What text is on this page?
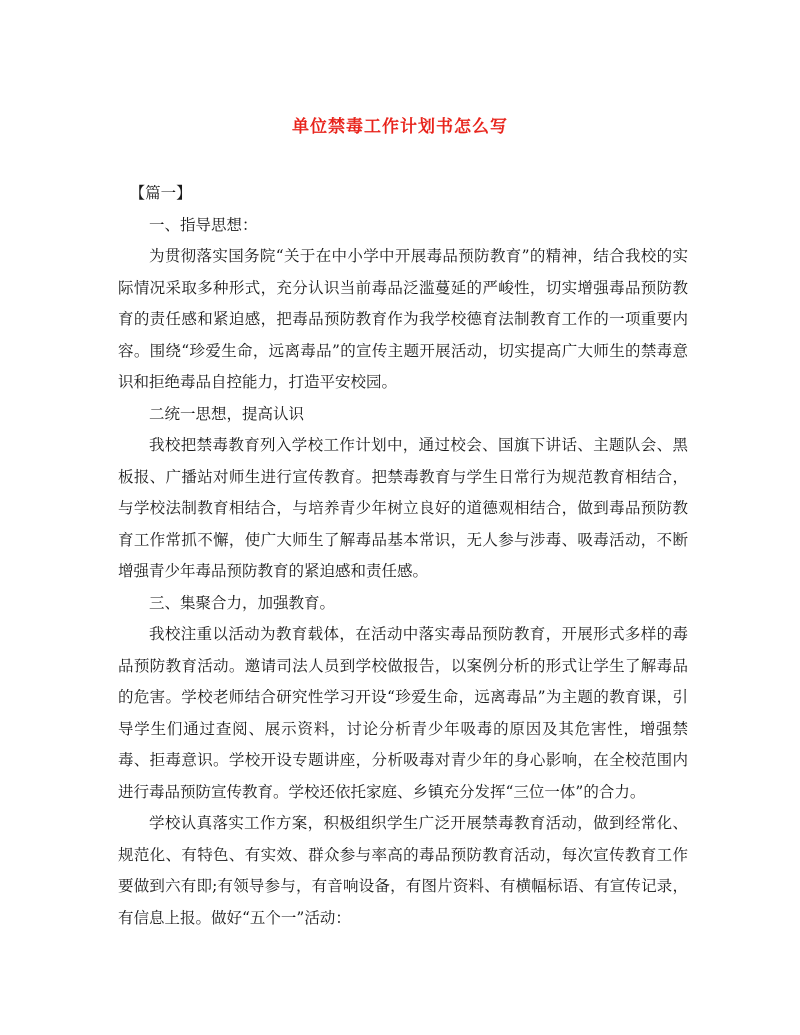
单位禁毒工作计划书怎么写

【篇一】

一、指导思想：

为贯彻落实国务院“关于在中小学中开展毒品预防教育”的精神，结合我校的实际情况采取多种形式，充分认识当前毒品泛滥蔓延的严峻性，切实增强毒品预防教育的责任感和紧迫感，把毒品预防教育作为我学校德育法制教育工作的一项重要内容。围绕“珍爱生命，远离毒品”的宣传主题开展活动，切实提高广大师生的禁毒意识和拒绝毒品自控能力，打造平安校园。

二统一思想，提高认识

我校把禁毒教育列入学校工作计划中，通过校会、国旗下讲话、主题队会、黑板报、广播站对师生进行宣传教育。把禁毒教育与学生日常行为规范教育相结合，与学校法制教育相结合，与培养青少年树立良好的道德观相结合，做到毒品预防教育工作常抓不懈，使广大师生了解毒品基本常识，无人参与涉毒、吸毒活动，不断增强青少年毒品预防教育的紧迫感和责任感。

三、集聚合力，加强教育。

我校注重以活动为教育载体，在活动中落实毒品预防教育，开展形式多样的毒品预防教育活动。邀请司法人员到学校做报告，以案例分析的形式让学生了解毒品的危害。学校老师结合研究性学习开设“珍爱生命，远离毒品”为主题的教育课，引导学生们通过查阅、展示资料，讨论分析青少年吸毒的原因及其危害性，增强禁毒、拒毒意识。学校开设专题讲座，分析吸毒对青少年的身心影响，在全校范围内进行毒品预防宣传教育。学校还依托家庭、乡镇充分发挥“三位一体”的合力。

学校认真落实工作方案，积极组织学生广泛开展禁毒教育活动，做到经常化、规范化、有特色、有实效、群众参与率高的毒品预防教育活动，每次宣传教育工作要做到六有即;有领导参与，有音响设备，有图片资料、有横幅标语、有宣传记录，有信息上报。做好“五个一”活动：
